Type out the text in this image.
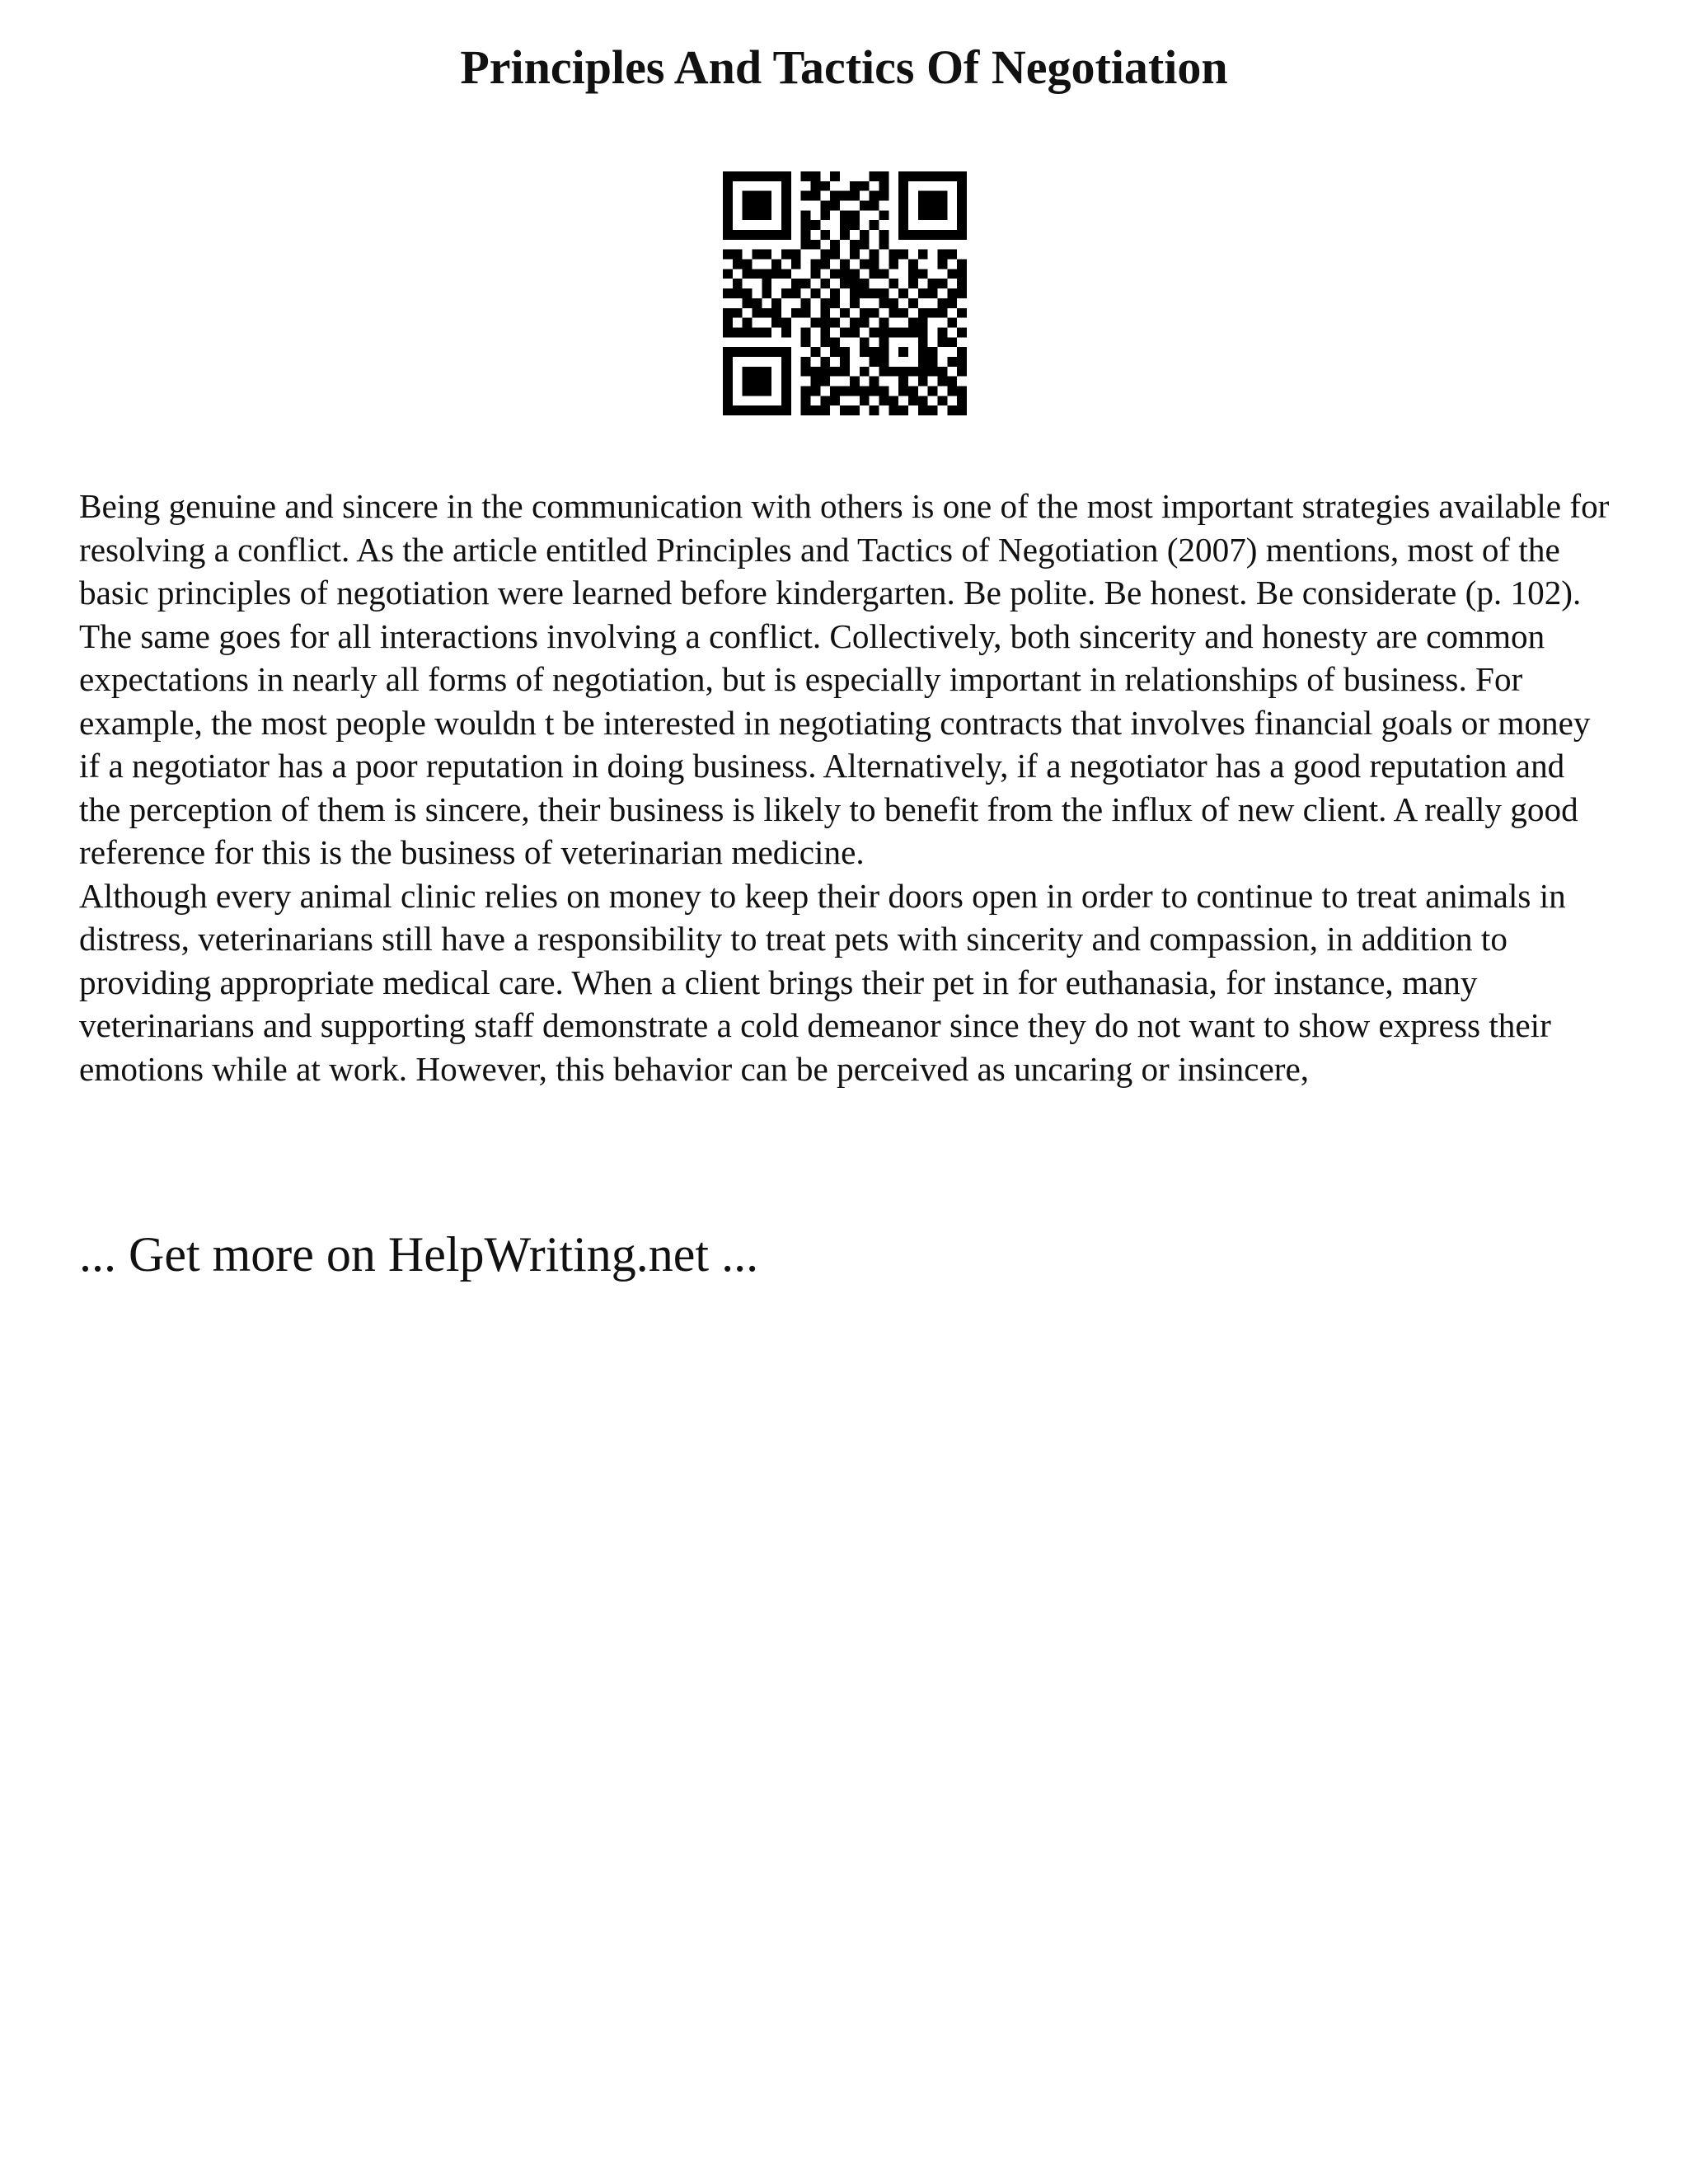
Principles And Tactics Of Negotiation

Being genuine and sincere in the communication with others is one of the most important strategies available for resolving a conflict. As the article entitled Principles and Tactics of Negotiation (2007) mentions, most of the basic principles of negotiation were learned before kindergarten. Be polite. Be honest. Be considerate (p. 102). The same goes for all interactions involving a conflict. Collectively, both sincerity and honesty are common expectations in nearly all forms of negotiation, but is especially important in relationships of business. For example, the most people wouldn t be interested in negotiating contracts that involves financial goals or money if a negotiator has a poor reputation in doing business. Alternatively, if a negotiator has a good reputation and the perception of them is sincere, their business is likely to benefit from the influx of new client. A really good reference for this is the business of veterinarian medicine.

Although every animal clinic relies on money to keep their doors open in order to continue to treat animals in distress, veterinarians still have a responsibility to treat pets with sincerity and compassion, in addition to providing appropriate medical care. When a client brings their pet in for euthanasia, for instance, many veterinarians and supporting staff demonstrate a cold demeanor since they do not want to show express their emotions while at work. However, this behavior can be perceived as uncaring or insincere,

... Get more on HelpWriting.net ...
